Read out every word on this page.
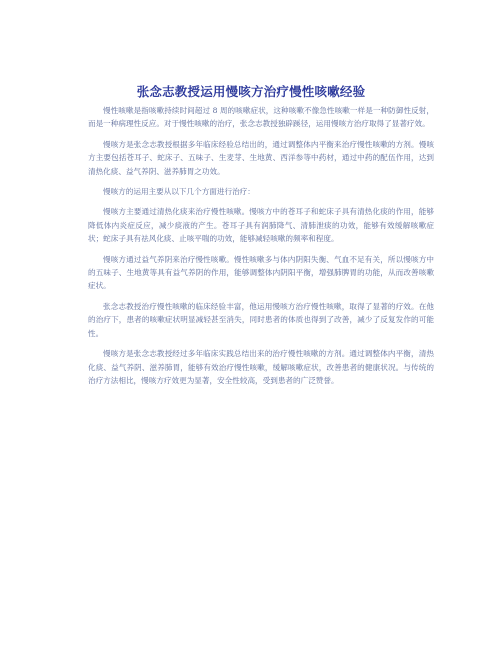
张念志教授运用慢咳方治疗慢性咳嗽经验

慢性咳嗽是指咳嗽持续时间超过 8 周的咳嗽症状，这种咳嗽不像急性咳嗽一样是一种防御性反射，而是一种病理性反应。对于慢性咳嗽的治疗，张念志教授独辟蹊径，运用慢咳方治疗取得了显著疗效。

慢咳方是张念志教授根据多年临床经验总结出的，通过调整体内平衡来治疗慢性咳嗽的方剂。慢咳方主要包括苍耳子、蛇床子、五味子、生麦芽、生地黄、西洋参等中药材，通过中药的配伍作用，达到清热化痰、益气养阴、滋养肺胃之功效。

慢咳方的运用主要从以下几个方面进行治疗：

慢咳方主要通过清热化痰来治疗慢性咳嗽。慢咳方中的苍耳子和蛇床子具有清热化痰的作用，能够降低体内炎症反应，减少痰液的产生。苍耳子具有润肺降气、清肺泄痰的功效，能够有效缓解咳嗽症状；蛇床子具有祛风化痰、止咳平喘的功效，能够减轻咳嗽的频率和程度。

慢咳方通过益气养阴来治疗慢性咳嗽。慢性咳嗽多与体内阴阳失衡、气血不足有关，所以慢咳方中的五味子、生地黄等具有益气养阴的作用，能够调整体内阴阳平衡，增强肺脾胃的功能，从而改善咳嗽症状。

张念志教授治疗慢性咳嗽的临床经验丰富，他运用慢咳方治疗慢性咳嗽，取得了显著的疗效。在他的治疗下，患者的咳嗽症状明显减轻甚至消失，同时患者的体质也得到了改善，减少了反复发作的可能性。

慢咳方是张念志教授经过多年临床实践总结出来的治疗慢性咳嗽的方剂。通过调整体内平衡，清热化痰、益气养阴、滋养肺胃，能够有效治疗慢性咳嗽，缓解咳嗽症状，改善患者的健康状况。与传统的治疗方法相比，慢咳方疗效更为显著，安全性较高，受到患者的广泛赞誉。
